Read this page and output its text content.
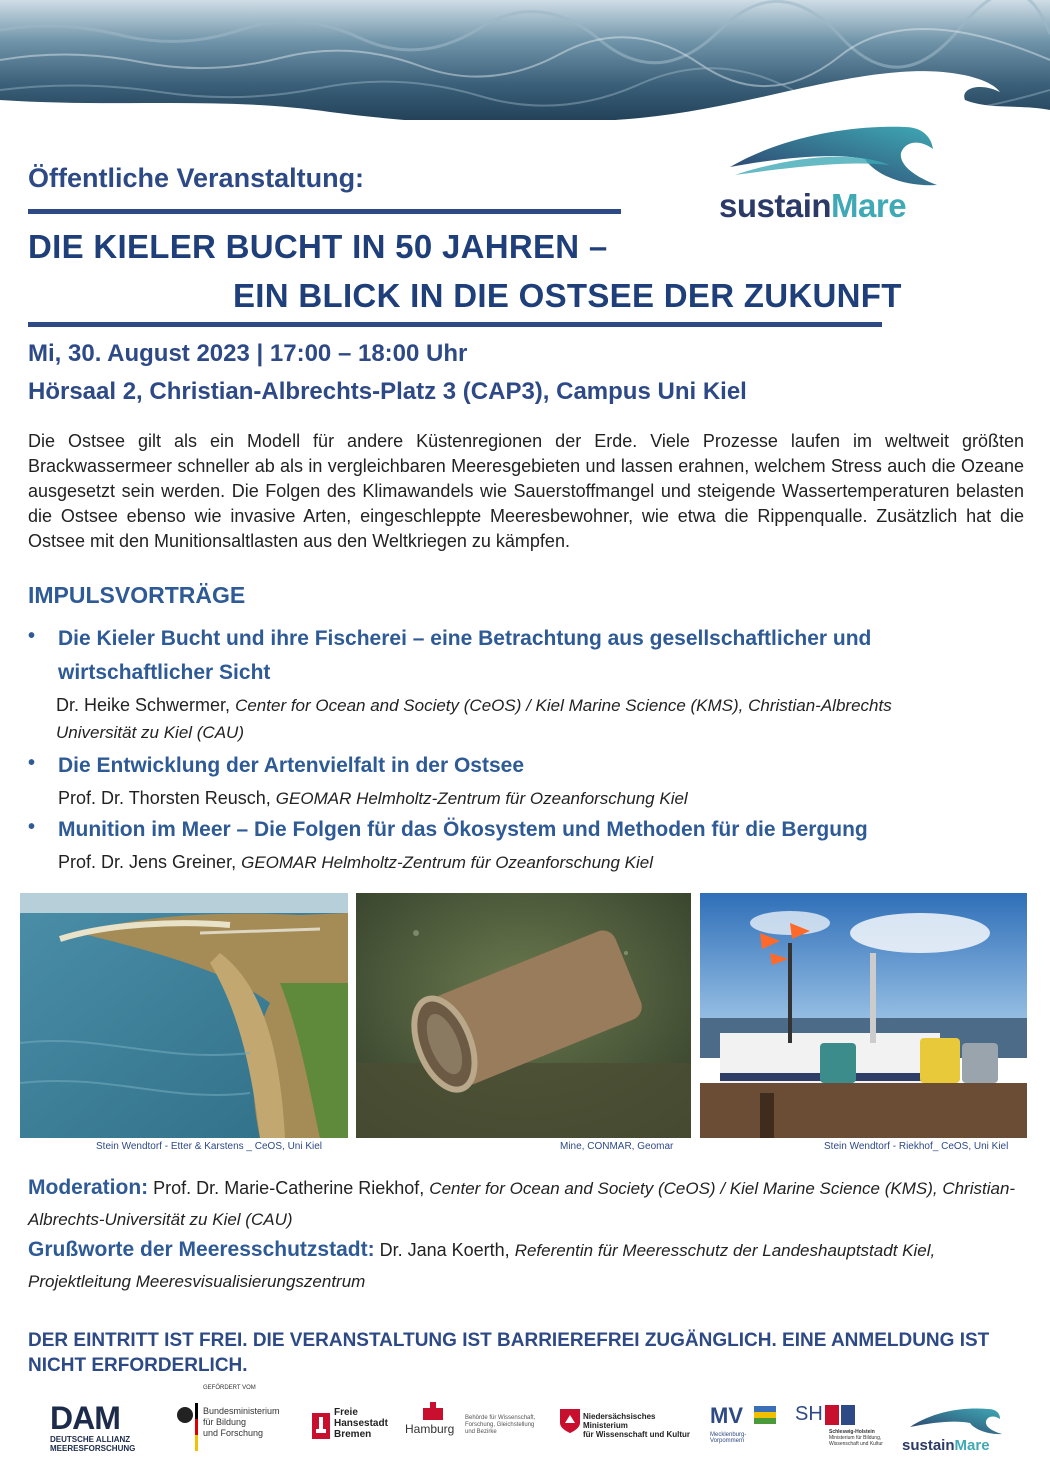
sustainMare
Öffentliche Veranstaltung:
DIE KIELER BUCHT IN 50 JAHREN –
EIN BLICK IN DIE OSTSEE DER ZUKUNFT
Mi, 30. August 2023 | 17:00 – 18:00 Uhr
Hörsaal 2, Christian-Albrechts-Platz 3 (CAP3), Campus Uni Kiel
Die Ostsee gilt als ein Modell für andere Küstenregionen der Erde. Viele Prozesse laufen im weltweit größten Brackwassermeer schneller ab als in vergleichbaren Meeresgebieten und lassen erahnen, welchem Stress auch die Ozeane ausgesetzt sein werden. Die Folgen des Klimawandels wie Sauerstoffmangel und steigende Wassertemperaturen belasten die Ostsee ebenso wie invasive Arten, eingeschleppte Meeresbewohner, wie etwa die Rippenqualle. Zusätzlich hat die Ostsee mit den Munitionsaltlasten aus den Weltkriegen zu kämpfen.
IMPULSVORTRÄGE
• Die Kieler Bucht und ihre Fischerei – eine Betrachtung aus gesellschaftlicher und wirtschaftlicher Sicht
Dr. Heike Schwermer, Center for Ocean and Society (CeOS) / Kiel Marine Science (KMS), Christian-Albrechts Universität zu Kiel (CAU)
• Die Entwicklung der Artenvielfalt in der Ostsee
Prof. Dr. Thorsten Reusch, GEOMAR Helmholtz-Zentrum für Ozeanforschung Kiel
• Munition im Meer – Die Folgen für das Ökosystem und Methoden für die Bergung
Prof. Dr. Jens Greiner, GEOMAR Helmholtz-Zentrum für Ozeanforschung Kiel
Stein Wendtorf - Etter & Karstens _ CeOS, Uni Kiel	Mine, CONMAR, Geomar	Stein Wendtorf - Riekhof_ CeOS, Uni Kiel
Moderation: Prof. Dr. Marie-Catherine Riekhof, Center for Ocean and Society (CeOS) / Kiel Marine Science (KMS), Christian-Albrechts-Universität zu Kiel (CAU)
Grußworte der Meeresschutzstadt: Dr. Jana Koerth, Referentin für Meeresschutz der Landeshauptstadt Kiel, Projektleitung Meeresvisualisierungszentrum
DER EINTRITT IST FREI. DIE VERANSTALTUNG IST BARRIEREFREI ZUGÄNGLICH. EINE ANMELDUNG IST NICHT ERFORDERLICH.
DAM
DEUTSCHE ALLIANZ
MEERESFORSCHUNG
GEFÖRDERT VOM
Bundesministerium
für Bildung
und Forschung
Freie
Hansestadt
Bremen	Hamburg
Behörde für Wissenschaft,
Forschung, Gleichstellung
und Bezirke
Niedersächsisches Ministerium
für Wissenschaft und Kultur
MV
Mecklenburg-Vorpommern
SH
Schleswig-Holstein
Ministerium für Bildung,
Wissenschaft und Kultur sustainMare
